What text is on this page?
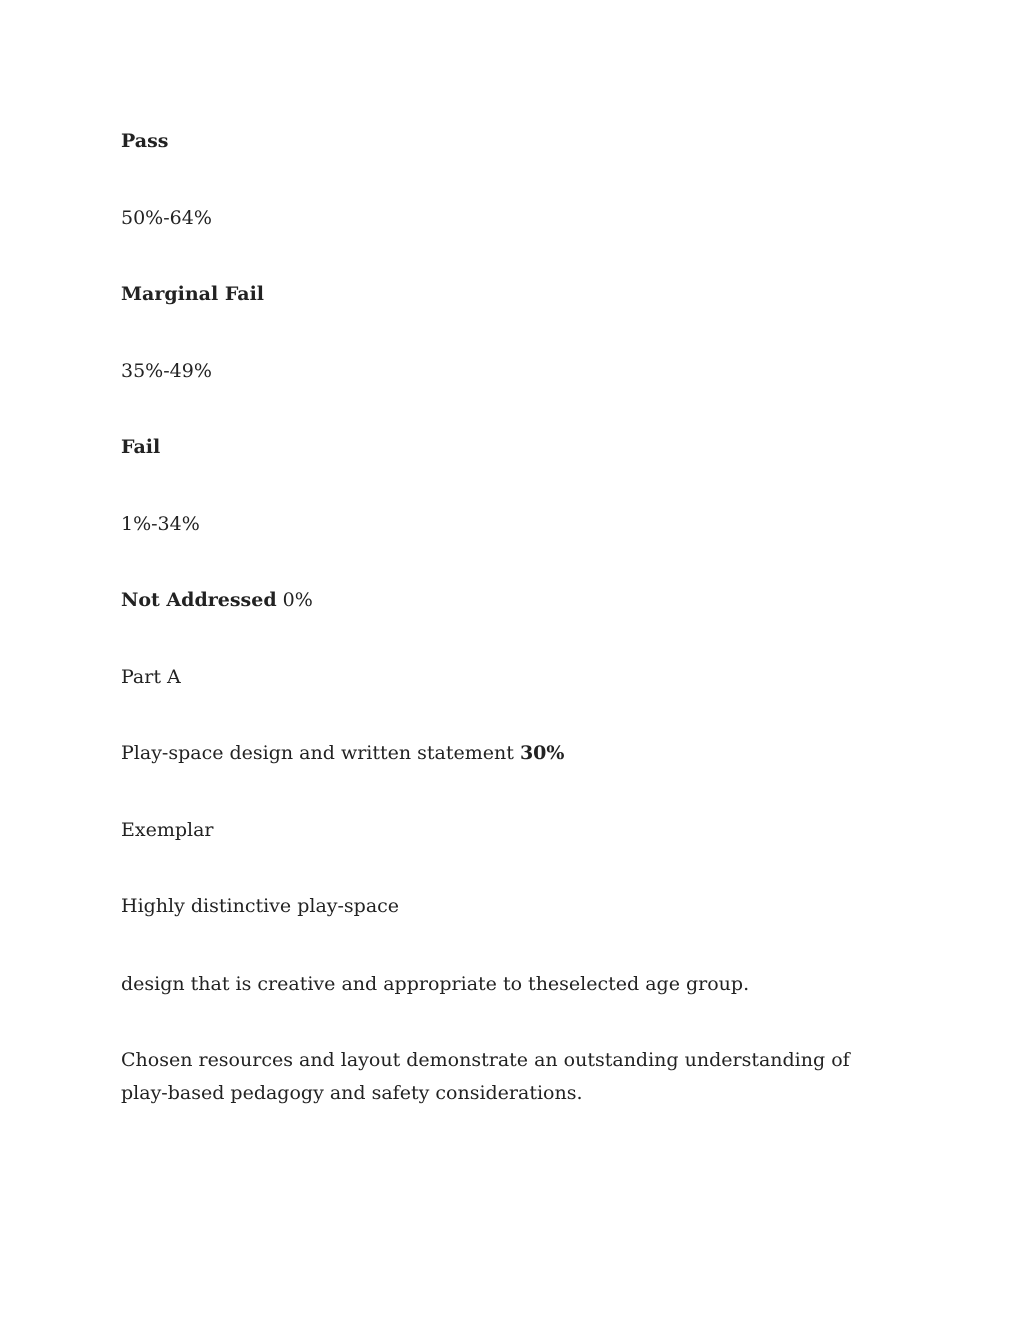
Pass

50%-64%

Marginal Fail

35%-49%

Fail

1%-34%

Not Addressed 0%

Part A

Play-space design and written statement 30%

Exemplar

Highly distinctive play-space

design that is creative and appropriate to theselected age group.

Chosen resources and layout demonstrate an outstanding understanding of play-based pedagogy and safety considerations.
